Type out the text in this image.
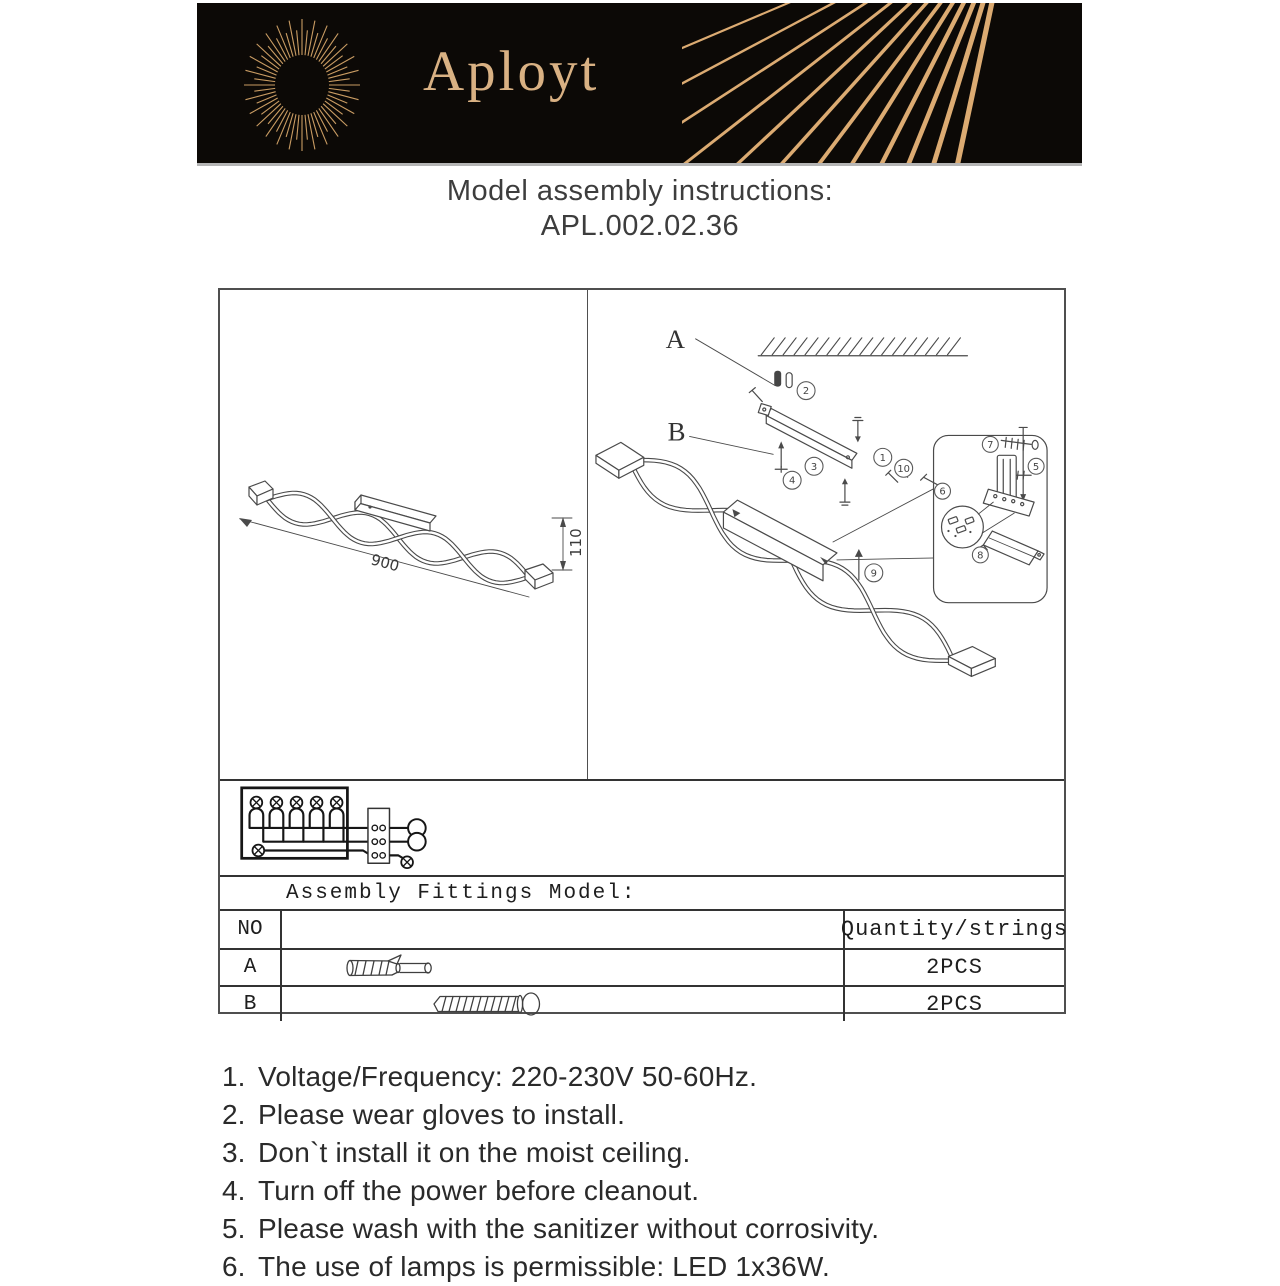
Aployt
Model assembly instructions:
APL.002.02.36
900
110
A
B
2
4
3
1
10
9
7
5
6
8
Assembly Fittings Model:
NO	Quantity/strings
A	2PCS
B	2PCS
1. Voltage/Frequency: 220-230V 50-60Hz.
2. Please wear gloves to install.
3. Don`t install it on the moist ceiling.
4. Turn off the power before cleanout.
5. Please wash with the sanitizer without corrosivity.
6. The use of lamps is permissible: LED 1x36W.
